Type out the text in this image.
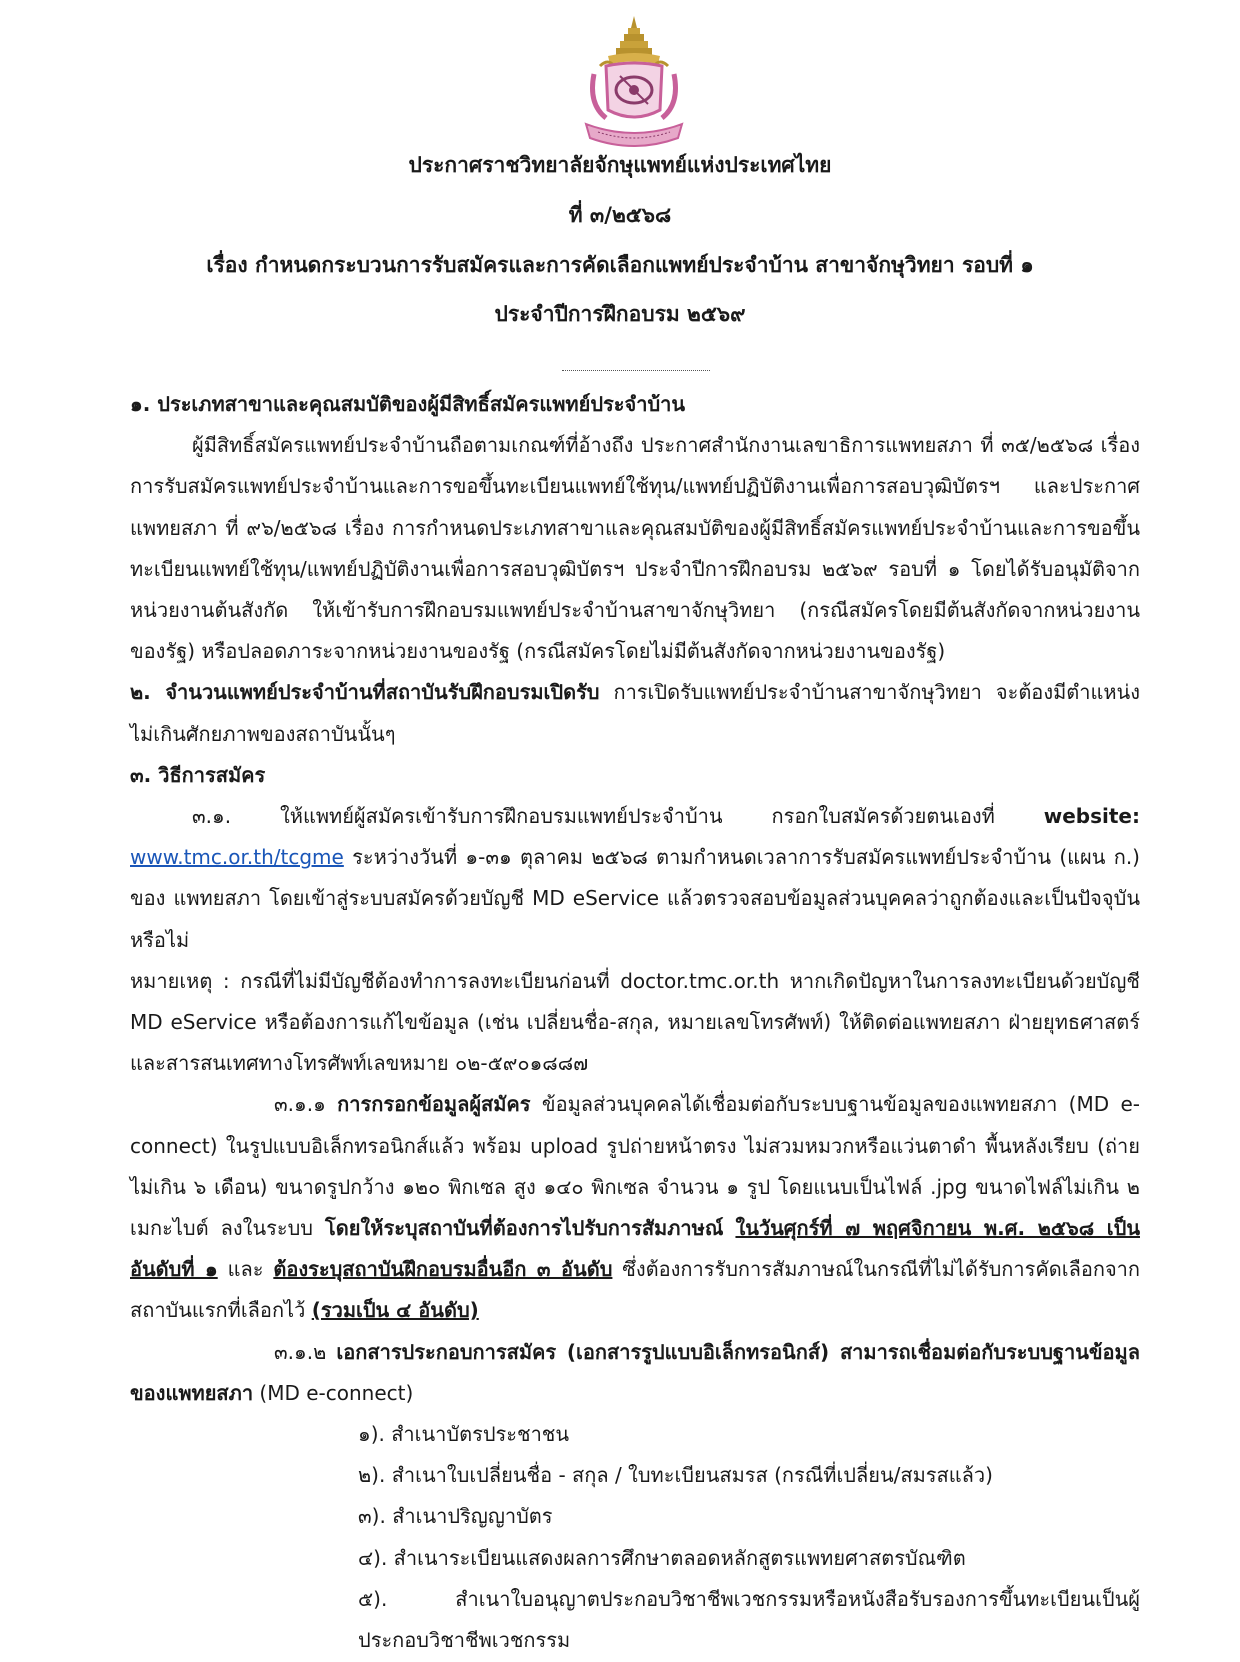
ประกาศราชวิทยาลัยจักษุแพทย์แห่งประเทศไทย
ที่ ๓/๒๕๖๘
เรื่อง กำหนดกระบวนการรับสมัครและการคัดเลือกแพทย์ประจำบ้าน สาขาจักษุวิทยา รอบที่ ๑
ประจำปีการฝึกอบรม ๒๕๖๙

๑. ประเภทสาขาและคุณสมบัติของผู้มีสิทธิ์สมัครแพทย์ประจำบ้าน

ผู้มีสิทธิ์สมัครแพทย์ประจำบ้านถือตามเกณฑ์ที่อ้างถึง ประกาศสำนักงานเลขาธิการแพทยสภา ที่ ๓๕/๒๕๖๘ เรื่องการรับสมัครแพทย์ประจำบ้านและการขอขึ้นทะเบียนแพทย์ใช้ทุน/แพทย์ปฏิบัติงานเพื่อการสอบวุฒิบัตรฯ และประกาศแพทยสภา ที่ ๙๖/๒๕๖๘ เรื่อง การกำหนดประเภทสาขาและคุณสมบัติของผู้มีสิทธิ์สมัครแพทย์ประจำบ้านและการขอขึ้นทะเบียนแพทย์ใช้ทุน/แพทย์ปฏิบัติงานเพื่อการสอบวุฒิบัตรฯ ประจำปีการฝึกอบรม ๒๕๖๙ รอบที่ ๑ โดยได้รับอนุมัติจากหน่วยงานต้นสังกัด ให้เข้ารับการฝึกอบรมแพทย์ประจำบ้านสาขาจักษุวิทยา (กรณีสมัครโดยมีต้นสังกัดจากหน่วยงานของรัฐ) หรือปลอดภาระจากหน่วยงานของรัฐ (กรณีสมัครโดยไม่มีต้นสังกัดจากหน่วยงานของรัฐ)

๒. จำนวนแพทย์ประจำบ้านที่สถาบันรับฝึกอบรมเปิดรับ การเปิดรับแพทย์ประจำบ้านสาขาจักษุวิทยา จะต้องมีตำแหน่งไม่เกินศักยภาพของสถาบันนั้นๆ

๓. วิธีการสมัคร

๓.๑. ให้แพทย์ผู้สมัครเข้ารับการฝึกอบรมแพทย์ประจำบ้าน กรอกใบสมัครด้วยตนเองที่ website: www.tmc.or.th/tcgme ระหว่างวันที่ ๑-๓๑ ตุลาคม ๒๕๖๘ ตามกำหนดเวลาการรับสมัครแพทย์ประจำบ้าน (แผน ก.) ของ แพทยสภา โดยเข้าสู่ระบบสมัครด้วยบัญชี MD eService แล้วตรวจสอบข้อมูลส่วนบุคคลว่าถูกต้องและเป็นปัจจุบันหรือไม่

หมายเหตุ : กรณีที่ไม่มีบัญชีต้องทำการลงทะเบียนก่อนที่ doctor.tmc.or.th หากเกิดปัญหาในการลงทะเบียนด้วยบัญชี MD eService หรือต้องการแก้ไขข้อมูล (เช่น เปลี่ยนชื่อ-สกุล, หมายเลขโทรศัพท์) ให้ติดต่อแพทยสภา ฝ่ายยุทธศาสตร์และสารสนเทศทางโทรศัพท์เลขหมาย ๐๒-๕๙๐๑๘๘๗

๓.๑.๑ การกรอกข้อมูลผู้สมัคร ข้อมูลส่วนบุคคลได้เชื่อมต่อกับระบบฐานข้อมูลของแพทยสภา (MD e-connect) ในรูปแบบอิเล็กทรอนิกส์แล้ว พร้อม upload รูปถ่ายหน้าตรง ไม่สวมหมวกหรือแว่นตาดำ พื้นหลังเรียบ (ถ่ายไม่เกิน ๖ เดือน) ขนาดรูปกว้าง ๑๒๐ พิกเซล สูง ๑๔๐ พิกเซล จำนวน ๑ รูป โดยแนบเป็นไฟล์ .jpg ขนาดไฟล์ไม่เกิน ๒ เมกะไบต์ ลงในระบบ โดยให้ระบุสถาบันที่ต้องการไปรับการสัมภาษณ์ ในวันศุกร์ที่ ๗ พฤศจิกายน พ.ศ. ๒๕๖๘ เป็นอันดับที่ ๑ และ ต้องระบุสถาบันฝึกอบรมอื่นอีก ๓ อันดับ ซึ่งต้องการรับการสัมภาษณ์ในกรณีที่ไม่ได้รับการคัดเลือกจากสถาบันแรกที่เลือกไว้ (รวมเป็น ๔ อันดับ)

๓.๑.๒ เอกสารประกอบการสมัคร (เอกสารรูปแบบอิเล็กทรอนิกส์) สามารถเชื่อมต่อกับระบบฐานข้อมูลของแพทยสภา (MD e-connect)

๑). สำเนาบัตรประชาชน

๒). สำเนาใบเปลี่ยนชื่อ - สกุล / ใบทะเบียนสมรส (กรณีที่เปลี่ยน/สมรสแล้ว)

๓). สำเนาปริญญาบัตร

๔). สำเนาระเบียนแสดงผลการศึกษาตลอดหลักสูตรแพทยศาสตรบัณฑิต

๕). สำเนาใบอนุญาตประกอบวิชาชีพเวชกรรมหรือหนังสือรับรองการขึ้นทะเบียนเป็นผู้ประกอบวิชาชีพเวชกรรม
